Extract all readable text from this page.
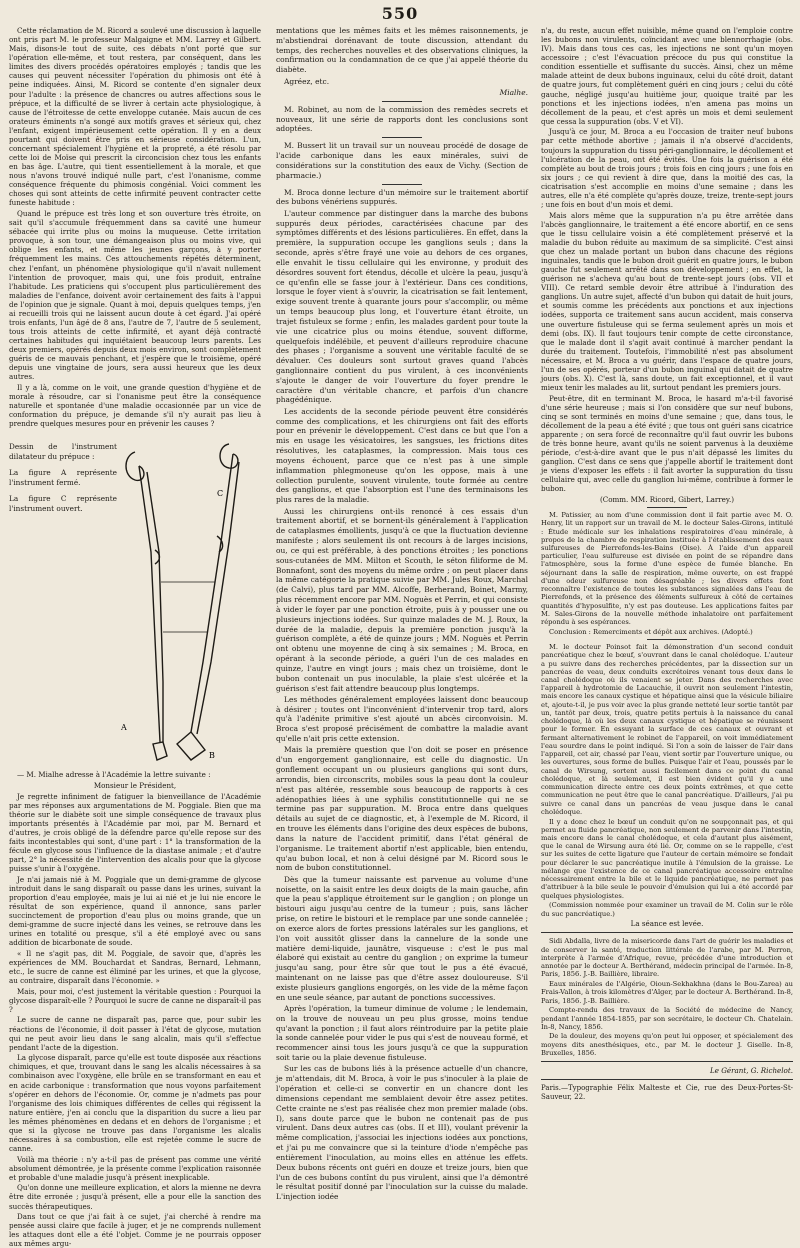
550

Cette réclamation de M. Ricord a soulevé une discussion à laquelle ont pris part M. le professeur Malgaigne et MM. Larrey et Gilbert. Mais, disons-le tout de suite, ces débats n'ont porté que sur l'opération elle-même, et tout restera, par conséquent, dans les limites des divers procédés opératoires employés ; tandis que les causes qui peuvent nécessiter l'opération du phimosis ont été à peine indiquées. Ainsi, M. Ricord se contente d'en signaler deux pour l'adulte : la présence de chancres ou autres affections sous le prépuce, et la difficulté de se livrer à certain acte physiologique, à cause de l'étroitesse de cette enveloppe cutanée. Mais aucun de ces orateurs éminents n'a songé aux motifs graves et sérieux qui, chez l'enfant, exigent impérieusement cette opération. Il y en a deux pourtant qui doivent être pris en sérieuse considération. L'un, concernant spécialement l'hygiène et la propreté, a été résolu par cette loi de Moïse qui prescrit la circoncision chez tous les enfants en bas âge. L'autre, qui tient essentiellement à la morale, et que nous n'avons trouvé indiqué nulle part, c'est l'onanisme, comme conséquence fréquente du phimosis congénial. Voici comment les choses qui sont atteints de cette infirmité peuvent contracter cette funeste habitude :

Quand le prépuce est très long et son ouverture très étroite, on sait qu'il s'accumule fréquemment dans sa cavité une humeur sébacée qui irrite plus ou moins la muqueuse. Cette irritation provoque, à son tour, une démangeaison plus ou moins vive, qui oblige les enfants, et même les jeunes garçons, à y porter fréquemment les mains. Ces attouchements répétés déterminent, chez l'enfant, un phénomène physiologique qu'il n'avait nullement l'intention de provoquer, mais qui, une fois produit, entraîne l'habitude. Les praticiens qui s'occupent plus particulièrement des maladies de l'enfance, doivent avoir certainement des faits à l'appui de l'opinion que je signale. Quant à moi, depuis quelques temps, j'en ai recueilli trois qui ne laissent aucun doute à cet égard. J'ai opéré trois enfants, l'un âgé de 8 ans, l'autre de 7, l'autre de 5 seulement, tous trois atteints de cette infirmité, et ayant déjà contracté certaines habitudes qui inquiétaient beaucoup leurs parents. Les deux premiers, opérés depuis deux mois environ, sont complètement guéris de ce mauvais penchant, et j'espère que le troisième, opéré depuis une vingtaine de jours, sera aussi heureux que les deux autres.

Il y a là, comme on le voit, une grande question d'hygiène et de morale à résoudre, car si l'onanisme peut être la conséquence naturelle et spontanée d'une maladie occasionnée par un vice de conformation du prépuce, je demande s'il n'y aurait pas lieu à prendre quelques mesures pour en prévenir les causes ?

Dessin de l'instrument dilatateur du prépuce :

La figure A représente l'instrument fermé.

La figure C représente l'instrument ouvert.

A
B
C

— M. Mialhe adresse à l'Académie la lettre suivante :

Monsieur le Président,

Je regrette infiniment de fatiguer la bienveillance de l'Académie par mes réponses aux argumentations de M. Poggiale. Bien que ma théorie sur le diabète soit une simple conséquence de travaux plus importants présentés à l'Académie par moi, par M. Bernard et d'autres, je crois obligé de la défendre parce qu'elle repose sur des faits incontestables qui sont, d'une part : 1° la transformation de la fécule en glycose sous l'influence de la diastase animale ; et d'autre part, 2° la nécessité de l'intervention des alcalis pour que la glycose puisse s'unir à l'oxygène.

Je n'ai jamais nié à M. Poggiale que un demi-gramme de glycose introduit dans le sang disparaît ou passe dans les urines, suivant la proportion d'eau employée, mais je lui ai nié et je lui nie encore le résultat de son expérience, quand il annonce, sans parler succinctement de proportion d'eau plus ou moins grande, que un demi-gramme de sucre injecté dans les veines, se retrouve dans les urines en totalité ou presque, s'il a été employé avec ou sans addition de bicarbonate de soude.

« Il ne s'agit pas, dit M. Poggiale, de savoir que, d'après les expériences de MM. Bouchardat et Sandras, Bernard, Lehmann, etc., le sucre de canne est éliminé par les urines, et que la glycose, au contraire, disparaît dans l'économie. »

Mais, pour moi, c'est justement la véritable question : Pourquoi la glycose disparaît-elle ? Pourquoi le sucre de canne ne disparaît-il pas ?

Le sucre de canne ne disparaît pas, parce que, pour subir les réactions de l'économie, il doit passer à l'état de glycose, mutation qui ne peut avoir lieu dans le sang alcalin, mais qu'il s'effectue pendant l'acte de la digestion.

La glycose disparaît, parce qu'elle est toute disposée aux réactions chimiques, et que, trouvant dans le sang les alcalis nécessaires à sa combinaison avec l'oxygène, elle brûle en se transformant en eau et en acide carbonique : transformation que nous voyons parfaitement s'opérer en dehors de l'économie. Or, comme je n'admets pas pour l'organisme des lois chimiques différentes de celles qui régissent la nature entière, j'en ai conclu que la disparition du sucre a lieu par les mêmes phénomènes en dedans et en dehors de l'organisme ; et que si la glycose ne trouve pas dans l'organisme les alcalis nécessaires à sa combustion, elle est rejetée comme le sucre de canne.

Voilà ma théorie : n'y a-t-il pas de présent pas comme une vérité absolument démontrée, je la présente comme l'explication raisonnée et probable d'une maladie jusqu'à présent inexplicable.

Qu'on donne une meilleure explication, et alors la mienne ne devra être dite erronée ; jusqu'à présent, elle a pour elle la sanction des succès thérapeutiques.

Dans tout ce que j'ai fait à ce sujet, j'ai cherché à rendre ma pensée aussi claire que facile à juger, et je ne comprends nullement les attaques dont elle a été l'objet. Comme je ne pourrais opposer aux mêmes argu-

mentations que les mêmes faits et les mêmes raisonnements, je m'abstiendrai dorénavant de toute discussion, attendant du temps, des recherches nouvelles et des observations cliniques, la confirmation ou la condamnation de ce que j'ai appelé théorie du diabète.

Agréez, etc.

Mialhe.

M. Robinet, au nom de la commission des remèdes secrets et nouveaux, lit une série de rapports dont les conclusions sont adoptées.

M. Bussert lit un travail sur un nouveau procédé de dosage de l'acide carbonique dans les eaux minérales, suivi de considérations sur la constitution des eaux de Vichy. (Section de pharmacie.)

M. Broca donne lecture d'un mémoire sur le traitement abortif des bubons vénériens suppurés.

L'auteur commence par distinguer dans la marche des bubons suppurés deux périodes, caractérisées chacune par des symptômes différents et des lésions particulières. En effet, dans la première, la suppuration occupe les ganglions seuls ; dans la seconde, après s'être frayé une voie au dehors de ces organes, elle envahit le tissu cellulaire qui les environne, y produit des désordres souvent fort étendus, décolle et ulcère la peau, jusqu'à ce qu'enfin elle se fasse jour à l'extérieur. Dans ces conditions, lorsque le foyer vient à s'ouvrir, la cicatrisation se fait lentement, exige souvent trente à quarante jours pour s'accomplir, ou même un temps beaucoup plus long, et l'ouverture étant étroite, un trajet fistuleux se forme ; enfin, les malades gardent pour toute la vie une cicatrice plus ou moins étendue, souvent difforme, quelquefois indélébile, et peuvent d'ailleurs reproduire chacune des phases ; l'organisme a souvent une véritable faculté de se dévaluer. Ces douleurs sont surtout graves quand l'abcès ganglionnaire contient du pus virulent, à ces inconvénients s'ajoute le danger de voir l'ouverture du foyer prendre le caractère d'un véritable chancre, et parfois d'un chancre phagédénique.

Les accidents de la seconde période peuvent être considérés comme des complications, et les chirurgiens ont fait des efforts pour en prévenir le développement. C'est dans ce but que l'on a mis en usage les vésicatoires, les sangsues, les frictions dites résolutives, les cataplasmes, la compression. Mais tous ces moyens échouent, parce que ce n'est pas à une simple inflammation phlegmoneuse qu'on les oppose, mais à une collection purulente, souvent virulente, toute formée au centre des ganglions, et que l'absorption est l'une des terminaisons les plus rares de la maladie.

Aussi les chirurgiens ont-ils renoncé à ces essais d'un traitement abortif, et se bornent-ils généralement à l'application de cataplasmes émollients, jusqu'à ce que la fluctuation devienne manifeste ; alors seulement ils ont recours à de larges incisions, ou, ce qui est préférable, à des ponctions étroites ; les ponctions sous-cutanées de MM. Milton et Scouth, le séton filiforme de M. Bonnafont, sont des moyens du même ordre ; on peut placer dans la même catégorie la pratique suivie par MM. Jules Roux, Marchal (de Calvi), plus tard par MM. Alcoffe, Berherand, Boinet, Marmy, plus récemment encore par MM. Noguès et Perrin, et qui consiste à vider le foyer par une ponction étroite, puis à y pousser une ou plusieurs injections iodées. Sur quinze malades de M. J. Roux, la durée de la maladie, depuis la première ponction jusqu'à la guérison complète, a été de quinze jours ; MM. Noguès et Perrin ont obtenu une moyenne de cinq à six semaines ; M. Broca, en opérant à la seconde période, a guéri l'un de ces malades en quinze, l'autre en vingt jours ; mais chez un troisième, dont le bubon contenait un pus inoculable, la plaie s'est ulcérée et la guérison s'est fait attendre beaucoup plus longtemps.

Les méthodes généralement employées laissent donc beaucoup à désirer ; toutes ont l'inconvénient d'intervenir trop tard, alors qu'à l'adénite primitive s'est ajouté un abcès circonvoisin. M. Broca s'est proposé précisément de combattre la maladie avant qu'elle n'ait pris cette extension.

Mais la première question que l'on doit se poser en présence d'un engorgement ganglionnaire, est celle du diagnostic. Un gonflement occupant un ou plusieurs ganglions qui sont durs, arrondis, bien circonscrits, mobiles sous la peau dont la couleur n'est pas altérée, ressemble sous beaucoup de rapports à ces adénopathies liées à une syphilis constitutionnelle qui ne se termine pas par suppuration. M. Broca entre dans quelques détails au sujet de ce diagnostic, et, à l'exemple de M. Ricord, il en trouve les éléments dans l'origine des deux espèces de bubons, dans la nature de l'accident primitif, dans l'état général de l'organisme. Le traitement abortif n'est applicable, bien entendu, qu'au bubon local, et non à celui désigné par M. Ricord sous le nom de bubon constitutionnel.

Dès que la tumeur naissante est parvenue au volume d'une noisette, on la saisit entre les deux doigts de la main gauche, afin que la peau s'applique étroitement sur le ganglion ; on plonge un bistouri aigu jusqu'au centre de la tumeur ; puis, sans lâcher prise, on retire le bistouri et le remplace par une sonde cannelée ; on exerce alors de fortes pressions latérales sur les ganglions, et l'on voit aussitôt glisser dans la cannelure de la sonde une matière demi-liquide, jaunâtre, visqueuse : c'est le pus mal élaboré qui existait au centre du ganglion ; on exprime la tumeur jusqu'au sang, pour être sûr que tout le pus a été évacué, maintenant on ne laisse pas que d'être assez douloureuse. S'il existe plusieurs ganglions engorgés, on les vide de la même façon en une seule séance, par autant de ponctions successives.

Après l'opération, la tumeur diminue de volume ; le lendemain, on la trouve de nouveau un peu plus grosse, moins tendue qu'avant la ponction ; il faut alors réintroduire par la petite plaie la sonde cannelée pour vider le pus qui s'est de nouveau formé, et recommencer ainsi tous les jours jusqu'à ce que la suppuration soit tarie ou la plaie devenue fistuleuse.

Sur les cas de bubons liés à la présence actuelle d'un chancre, je m'attendais, dit M. Broca, à voir le pus s'inoculer à la plaie de l'opération et celle-ci se convertir en un chancre dont les dimensions cependant me semblaient devoir être assez petites. Cette crainte ne s'est pas réalisée chez mon premier malade (obs. I), sans doute parce que le bubon ne contenait pas de pus virulent. Dans deux autres cas (obs. II et III), voulant prévenir la même complication, j'associai les injections iodées aux ponctions, et j'ai pu me convaincre que si la teinture d'iode n'empêche pas entièrement l'inoculation, au moins elles en atténue les effets. Deux bubons récents ont guéri en douze et treize jours, bien que l'un de ces bubons contînt du pus virulent, ainsi que l'a démontré le résultat positif donné par l'inoculation sur la cuisse du malade. L'injection iodée

n'a, du reste, aucun effet nuisible, même quand on l'emploie contre les bubons non virulents, coïncidant avec une blennorrhagie (obs. IV). Mais dans tous ces cas, les injections ne sont qu'un moyen accessoire ; c'est l'évacuation précoce du pus qui constitue la condition essentielle et suffisante du succès. Ainsi, chez un même malade atteint de deux bubons inguinaux, celui du côté droit, datant de quatre jours, fut complètement guéri en cinq jours ; celui du côté gauche, négligé jusqu'au huitième jour, quoique traité par les ponctions et les injections iodées, n'en amena pas moins un décollement de la peau, et c'est après un mois et demi seulement que cessa la suppuration (obs. V et VI).

Jusqu'à ce jour, M. Broca a eu l'occasion de traiter neuf bubons par cette méthode abortive ; jamais il n'a observé d'accidents, toujours la suppuration du tissu péri-ganglionnaire, le décollement et l'ulcération de la peau, ont été évités. Une fois la guérison a été complète au bout de trois jours ; trois fois en cinq jours ; une fois en six jours ; ce qui revient à dire que, dans la moitié des cas, la cicatrisation s'est accomplie en moins d'une semaine ; dans les autres, elle n'a été complète qu'après douze, treize, trente-sept jours ; une fois en bout d'un mois et demi.

Mais alors même que la suppuration n'a pu être arrêtée dans l'abcès ganglionnaire, le traitement a été encore abortif, en ce sens que le tissu cellulaire voisin a été complètement préservé et la maladie du bubon réduite au maximum de sa simplicité. C'est ainsi que chez un malade portant un bubon dans chacune des régions inguinales, tandis que le bubon droit guérit en quatre jours, le bubon gauche fut seulement arrêté dans son développement ; en effet, la guérison ne s'acheva qu'au bout de trente-sept jours (obs. VII et VIII). Ce retard semble devoir être attribué à l'induration des ganglions. Un autre sujet, affecté d'un bubon qui datait de huit jours, et soumis comme les précédents aux ponctions et aux injections iodées, supporta ce traitement sans aucun accident, mais conserva une ouverture fistuleuse qui se ferma seulement après un mois et demi (obs. IX). Il faut toujours tenir compte de cette circonstance, que le malade dont il s'agit avait continué à marcher pendant la durée du traitement. Toutefois, l'immobilité n'est pas absolument nécessaire, et M. Broca a vu guérir, dans l'espace de quatre jours, l'un de ses opérés, porteur d'un bubon inguinal qui datait de quatre jours (obs. X). C'est là, sans doute, un fait exceptionnel, et il vaut mieux tenir les malades au lit, surtout pendant les premiers jours.

Peut-être, dit en terminant M. Broca, le hasard m'a-t-il favorisé d'une série heureuse ; mais si l'on considère que sur neuf bubons, cinq se sont terminés en moins d'une semaine ; que, dans tous, le décollement de la peau a été évité ; que tous ont guéri sans cicatrice apparente ; on sera forcé de reconnaître qu'il faut ouvrir les bubons de très bonne heure, avant qu'ils ne soient parvenus à la deuxième période, c'est-à-dire avant que le pus n'ait dépassé les limites du ganglion. C'est dans ce sens que j'appelle abortif le traitement dont je viens d'exposer les effets : il fait avorter la suppuration du tissu cellulaire qui, avec celle du ganglion lui-même, contribue à former le bubon.

(Comm. MM. Ricord, Gibert, Larrey.)

M. Patissier, au nom d'une commission dont il fait partie avec M. O. Henry, lit un rapport sur un travail de M. le docteur Sales-Girons, intitulé : Étude médicale sur les inhalations respiratoires d'eau minérale, à propos de la chambre de respiration instituée à l'établissement des eaux sulfureuses de Pierrefonds-les-Bains (Oise). À l'aide d'un appareil particulier, l'eau sulfureuse est divisée en point de se répandre dans l'atmosphère, sous la forme d'une espèce de fumée blanche. En séjournant dans la salle de respiration, même ouverte, on est frappé d'une odeur sulfureuse non désagréable ; les divers effets font reconnaître l'existence de toutes les substances signalées dans l'eau de Pierrefonds, et la présence des éléments sulfureux à côté de certaines quantités d'hyposulfite, n'y est pas douteuse. Les applications faites par M. Sales-Girons de la nouvelle méthode inhalatoire ont parfaitement répondu à ses espérances.

Conclusion : Remerciments et dépôt aux archives. (Adopté.)

M. le docteur Poinsot fait la démonstration d'un second conduit pancréatique chez le bœuf, s'ouvrant dans le canal cholédoque. L'auteur a pu suivre dans des recherches précédentes, par la dissection sur un pancréas de veau, deux conduits excrétoires venant tous deux dans le canal cholédoque où ils venaient se jeter. Dans des recherches avec l'appareil à hydrotomie de Lacauchie, il ouvrit non seulement l'intestin, mais encore les canaux cystique et hépatique ainsi que la vésicule biliaire et, ajoute-t-il, je pus voir avec la plus grande netteté leur sortie tantôt par un, tantôt par deux, trois, quatre petits pertuis à la naissance du canal cholédoque, là où les deux canaux cystique et hépatique se réunissent pour le former. En essuyant la surface de ces canaux et ouvrant et fermant alternativement le robinet de l'appareil, on voit immédiatement l'eau sourdre dans le point indiqué. Si l'on a soin de laisser de l'air dans l'appareil, cet air, chassé par l'eau, vient sortir par l'ouverture unique, ou les ouvertures, sous forme de bulles. Puisque l'air et l'eau, poussés par le canal de Wirsung, sortent aussi facilement dans ce point du canal cholédoque, et là seulement, il est bien évident qu'il y a une communication directe entre ces deux points extrêmes, et que cette communication ne peut être que le canal pancréatique. D'ailleurs, j'ai pu suivre ce canal dans un pancréas de veau jusque dans le canal cholédoque.

Il y a donc chez le bœuf un conduit qu'on ne soupçonnait pas, et qui permet au fluide pancréatique, non seulement de parvenir dans l'intestin, mais encore dans le canal cholédoque, et cela d'autant plus aisément, que le canal de Wirsung aura été lié. Or, comme on se le rappelle, c'est sur les suites de cette ligature que l'auteur de certain mémoire se fondait pour déclarer le suc pancréatique inutile à l'émulsion de la graisse. Le mélange que l'existence de ce canal pancréatique accessoire entraîne nécessairement entre la bile et le liquide pancréatique, ne permet pas d'attribuer à la bile seule le pouvoir d'émulsion qui lui a été accordé par quelques physiologistes.

(Commission nommée pour examiner un travail de M. Colin sur le rôle du suc pancréatique.)

La séance est levée.

Sidi Abdalla, livre de la misericorde dans l'art de guérir les maladies et de conserver la santé, traduction littérale de l'arabe, par M. Perron, interprète à l'armée d'Afrique, revue, précédée d'une introduction et annotée par le docteur A. Berthérand, médecin principal de l'armée. In-8, Paris, 1856. J.-B. Baillière, libraire.

Eaux minérales de l'Algérie, Oioun-Sekhakhna (dans le Bou-Zarea) au Frais-Vallon, à trois kilomètres d'Alger, par le docteur A. Berthérand. In-8, Paris, 1856. J.-B. Baillière.

Compte-rendu des travaux de la Société de médecine de Nancy, pendant l'année 1854-1855, par son secrétaire, le docteur Ch. Chatelain. In-8, Nancy, 1856.

De la douleur, des moyens qu'on peut lui opposer, et spécialement des moyens dits anesthésiques, etc., par M. le docteur J. Giselle. In-8, Bruxelles, 1856.

Le Gérant, G. Richelot.

Paris.—Typographie Félix Malteste et Cie, rue des Deux-Portes-St-Sauveur, 22.
